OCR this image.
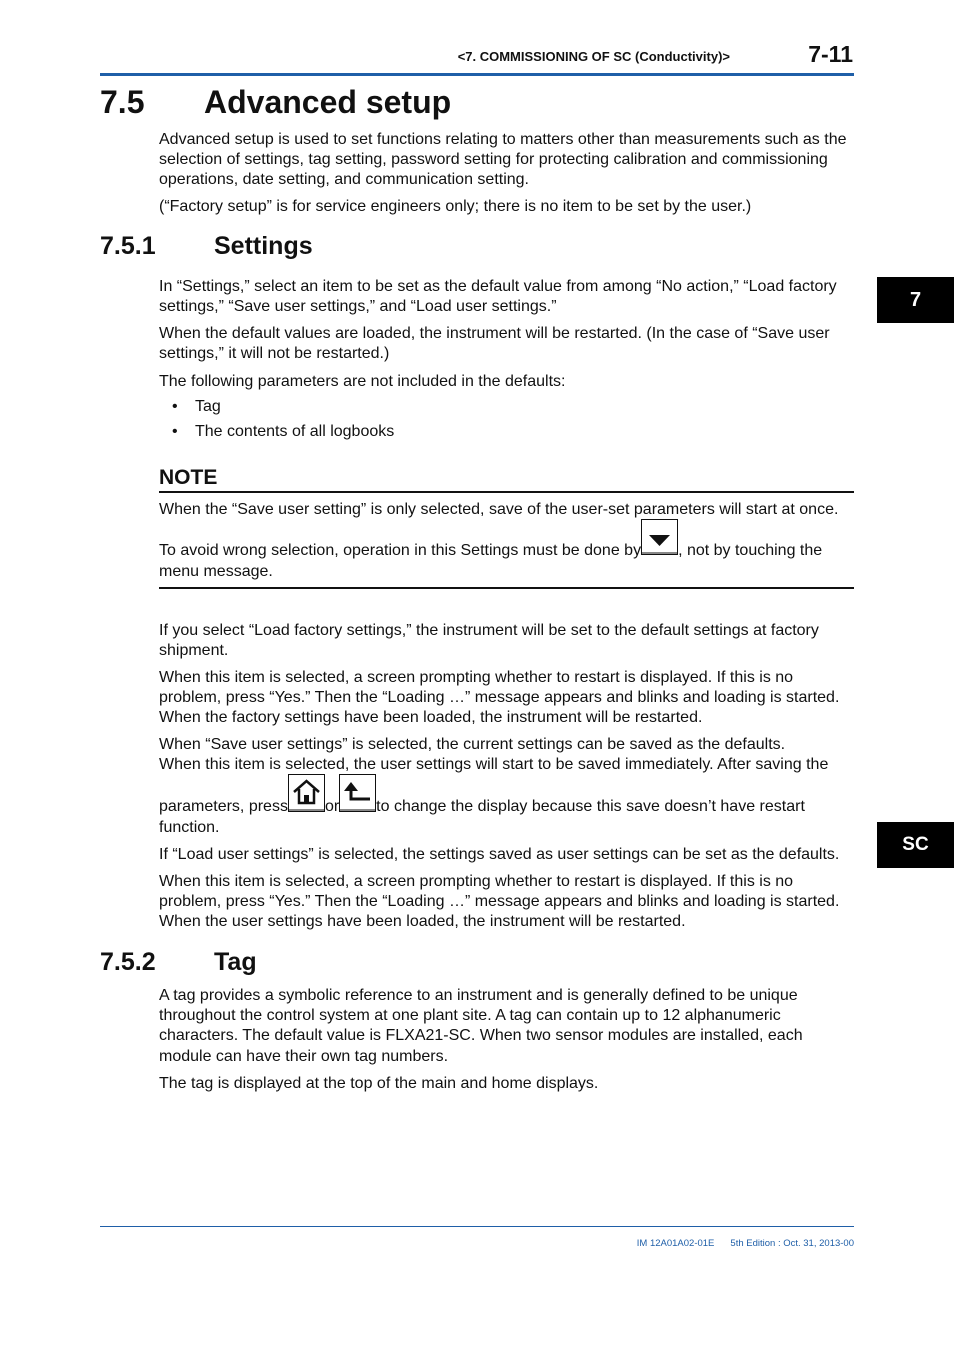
<7. COMMISSIONING OF SC (Conductivity)>	7-11
7.5 Advanced setup
Advanced setup is used to set functions relating to matters other than measurements such as the selection of settings, tag setting, password setting for protecting calibration and commissioning operations, date setting, and communication setting.
(“Factory setup” is for service engineers only; there is no item to be set by the user.)
7.5.1 Settings
In “Settings,” select an item to be set as the default value from among “No action,” “Load factory settings,” “Save user settings,” and “Load user settings.”
When the default values are loaded, the instrument will be restarted. (In the case of “Save user settings,” it will not be restarted.)
The following parameters are not included in the defaults:
• Tag
• The contents of all logbooks
NOTE
When the “Save user setting” is only selected, save of the user-set parameters will start at once.
To avoid wrong selection, operation in this Settings must be done by, not by touching the
menu message.
If you select “Load factory settings,” the instrument will be set to the default settings at factory shipment.
When this item is selected, a screen prompting whether to restart is displayed. If this is no problem, press “Yes.” Then the “Loading …” message appears and blinks and loading is started. When the factory settings have been loaded, the instrument will be restarted.
When “Save user settings” is selected, the current settings can be saved as the defaults.
When this item is selected, the user settings will start to be saved immediately. After saving the
parameters, pressorto change the display because this save doesn’t have restart
function.
If “Load user settings” is selected, the settings saved as user settings can be set as the defaults.
When this item is selected, a screen prompting whether to restart is displayed. If this is no problem, press “Yes.” Then the “Loading …” message appears and blinks and loading is started. When the user settings have been loaded, the instrument will be restarted.
7.5.2 Tag
A tag provides a symbolic reference to an instrument and is generally defined to be unique throughout the control system at one plant site. A tag can contain up to 12 alphanumeric characters. The default value is FLXA21-SC. When two sensor modules are installed, each module can have their own tag numbers.
The tag is displayed at the top of the main and home displays.
7
SC
IM 12A01A02-01E 5th Edition : Oct. 31, 2013-00
